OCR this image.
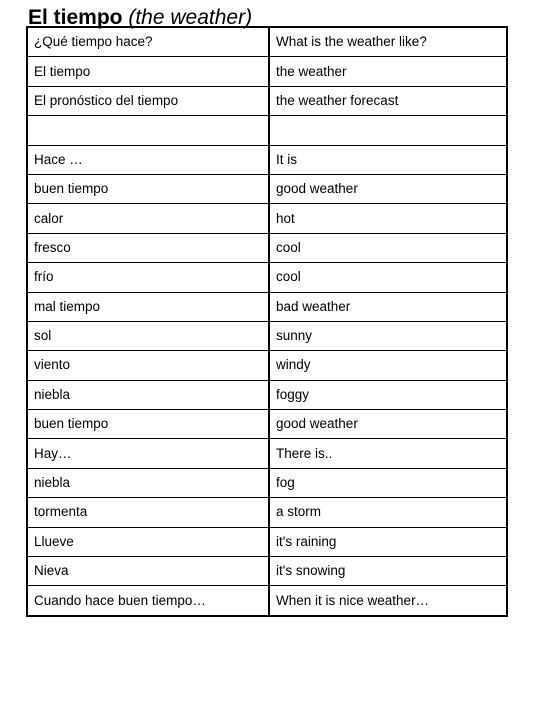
El tiempo (the weather)
¿Qué tiempo hace?	What is the weather like?
El tiempo	the weather
El pronóstico del tiempo	the weather forecast

Hace …	It is
buen tiempo	good weather
calor	hot
fresco	cool
frío	cool
mal tiempo	bad weather
sol	sunny
viento	windy
niebla	foggy
buen tiempo	good weather
Hay…	There is..
niebla	fog
tormenta	a storm
Llueve	it's raining
Nieva	it's snowing
Cuando hace buen tiempo…	When it is nice weather…
